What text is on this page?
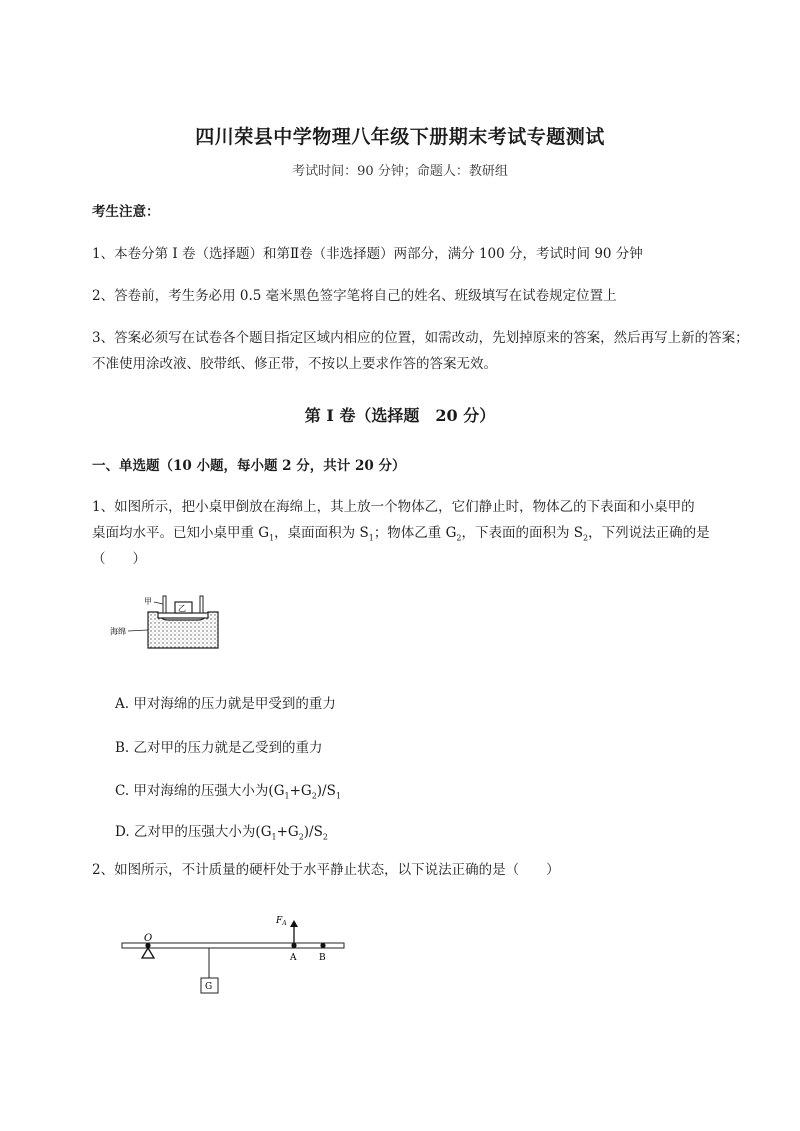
四川荣县中学物理八年级下册期末考试专题测试
考试时间：90 分钟；命题人：教研组
考生注意：
1、本卷分第 I 卷（选择题）和第Ⅱ卷（非选择题）两部分，满分 100 分，考试时间 90 分钟
2、答卷前，考生务必用 0.5 毫米黑色签字笔将自己的姓名、班级填写在试卷规定位置上
3、答案必须写在试卷各个题目指定区域内相应的位置，如需改动，先划掉原来的答案，然后再写上新的答案；不准使用涂改液、胶带纸、修正带，不按以上要求作答的答案无效。
第 I 卷（选择题　20 分）
一、单选题（10 小题，每小题 2 分，共计 20 分）
1、如图所示，把小桌甲倒放在海绵上，其上放一个物体乙，它们静止时，物体乙的下表面和小桌甲的
桌面均水平。已知小桌甲重 $G_1$，桌面面积为 $S_1$；物体乙重 $G_2$，下表面的面积为 $S_2$，下列说法正确的是
（　　）
乙
甲
海绵
A. 甲对海绵的压力就是甲受到的重力
B. 乙对甲的压力就是乙受到的重力
C. 甲对海绵的压强大小为$(G_1+G_2)/S_1$
D. 乙对甲的压强大小为$(G_1+G_2)/S_2$
2、如图所示，不计质量的硬杆处于水平静止状态，以下说法正确的是（　　）
O
$F_A$
A	B
G
